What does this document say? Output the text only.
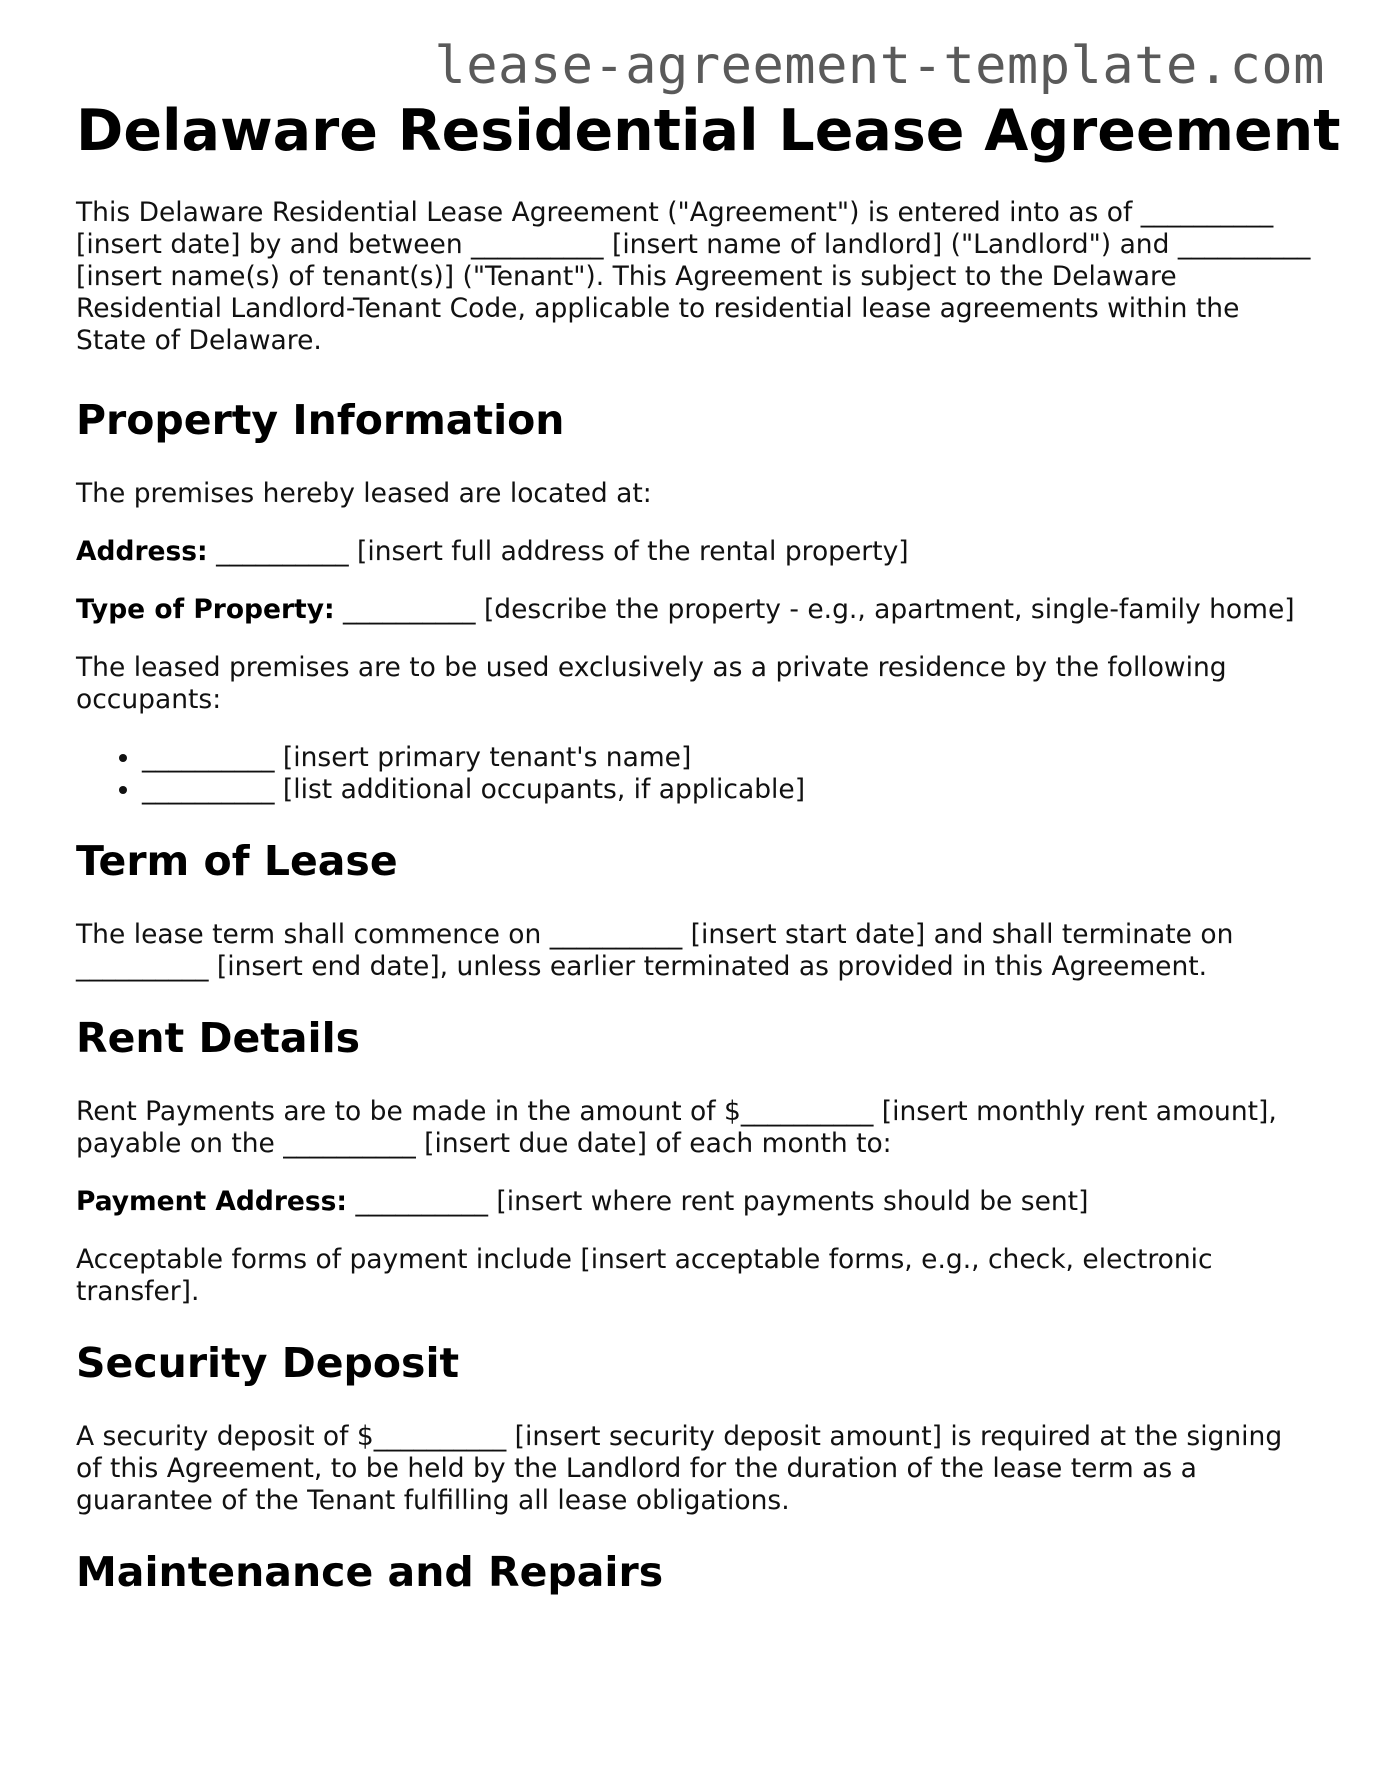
lease-agreement-template.com
Delaware Residential Lease Agreement

This Delaware Residential Lease Agreement ("Agreement") is entered into as of __________ [insert date] by and between __________ [insert name of landlord] ("Landlord") and __________ [insert name(s) of tenant(s)] ("Tenant"). This Agreement is subject to the Delaware Residential Landlord-Tenant Code, applicable to residential lease agreements within the State of Delaware.

Property Information

The premises hereby leased are located at:

Address: __________ [insert full address of the rental property]

Type of Property: __________ [describe the property - e.g., apartment, single-family home]

The leased premises are to be used exclusively as a private residence by the following occupants:

• __________ [insert primary tenant's name]
• __________ [list additional occupants, if applicable]
Term of Lease

The lease term shall commence on __________ [insert start date] and shall terminate on __________ [insert end date], unless earlier terminated as provided in this Agreement.

Rent Details

Rent Payments are to be made in the amount of $__________ [insert monthly rent amount], payable on the __________ [insert due date] of each month to:

Payment Address: __________ [insert where rent payments should be sent]

Acceptable forms of payment include [insert acceptable forms, e.g., check, electronic transfer].

Security Deposit

A security deposit of $__________ [insert security deposit amount] is required at the signing of this Agreement, to be held by the Landlord for the duration of the lease term as a guarantee of the Tenant fulfilling all lease obligations.

Maintenance and Repairs
